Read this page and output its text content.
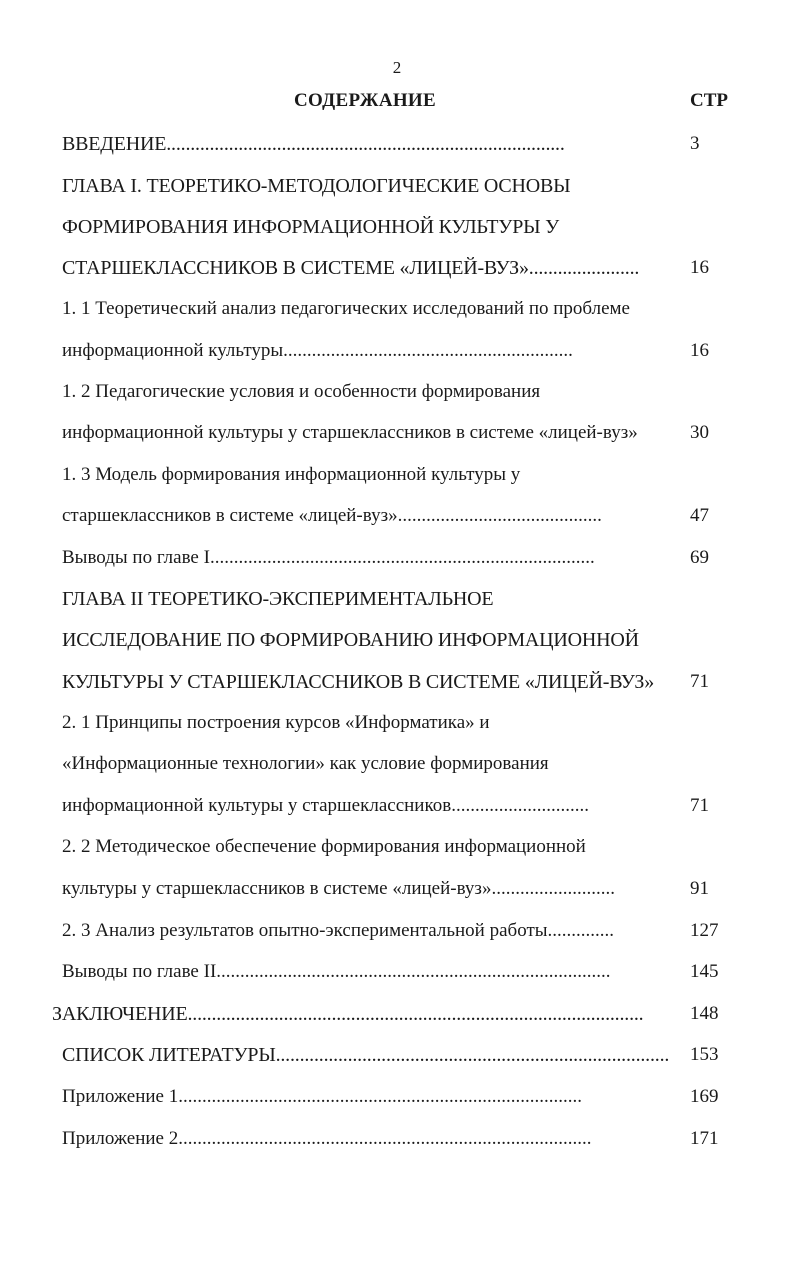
2
СОДЕРЖАНИЕ	СТР
ВВЕДЕНИЕ...................................................................................	3
ГЛАВА I. ТЕОРЕТИКО-МЕТОДОЛОГИЧЕСКИЕ ОСНОВЫ
ФОРМИРОВАНИЯ ИНФОРМАЦИОННОЙ КУЛЬТУРЫ У
СТАРШЕКЛАССНИКОВ В СИСТЕМЕ «ЛИЦЕЙ-ВУЗ».......................	16
1. 1 Теоретический анализ педагогических исследований по проблеме
информационной культуры.............................................................	16
1. 2 Педагогические условия и особенности формирования
информационной культуры у старшеклассников в системе «лицей-вуз»	30
1. 3 Модель формирования информационной культуры у
старшеклассников в системе «лицей-вуз»...........................................	47
Выводы по главе I.................................................................................	69
ГЛАВА II ТЕОРЕТИКО-ЭКСПЕРИМЕНТАЛЬНОЕ
ИССЛЕДОВАНИЕ ПО ФОРМИРОВАНИЮ ИНФОРМАЦИОННОЙ
КУЛЬТУРЫ У СТАРШЕКЛАССНИКОВ В СИСТЕМЕ «ЛИЦЕЙ-ВУЗ»	71
2. 1 Принципы построения курсов «Информатика» и
«Информационные технологии» как условие формирования
информационной культуры у старшеклассников.............................	71
2. 2 Методическое обеспечение формирования информационной
культуры у старшеклассников в системе «лицей-вуз»..........................	91
2. 3 Анализ результатов опытно-экспериментальной работы..............	127
Выводы по главе II...................................................................................	145
ЗАКЛЮЧЕНИЕ...............................................................................................	148
СПИСОК ЛИТЕРАТУРЫ.................................................................................. 153
Приложение 1.....................................................................................	169
Приложение 2.......................................................................................	171
